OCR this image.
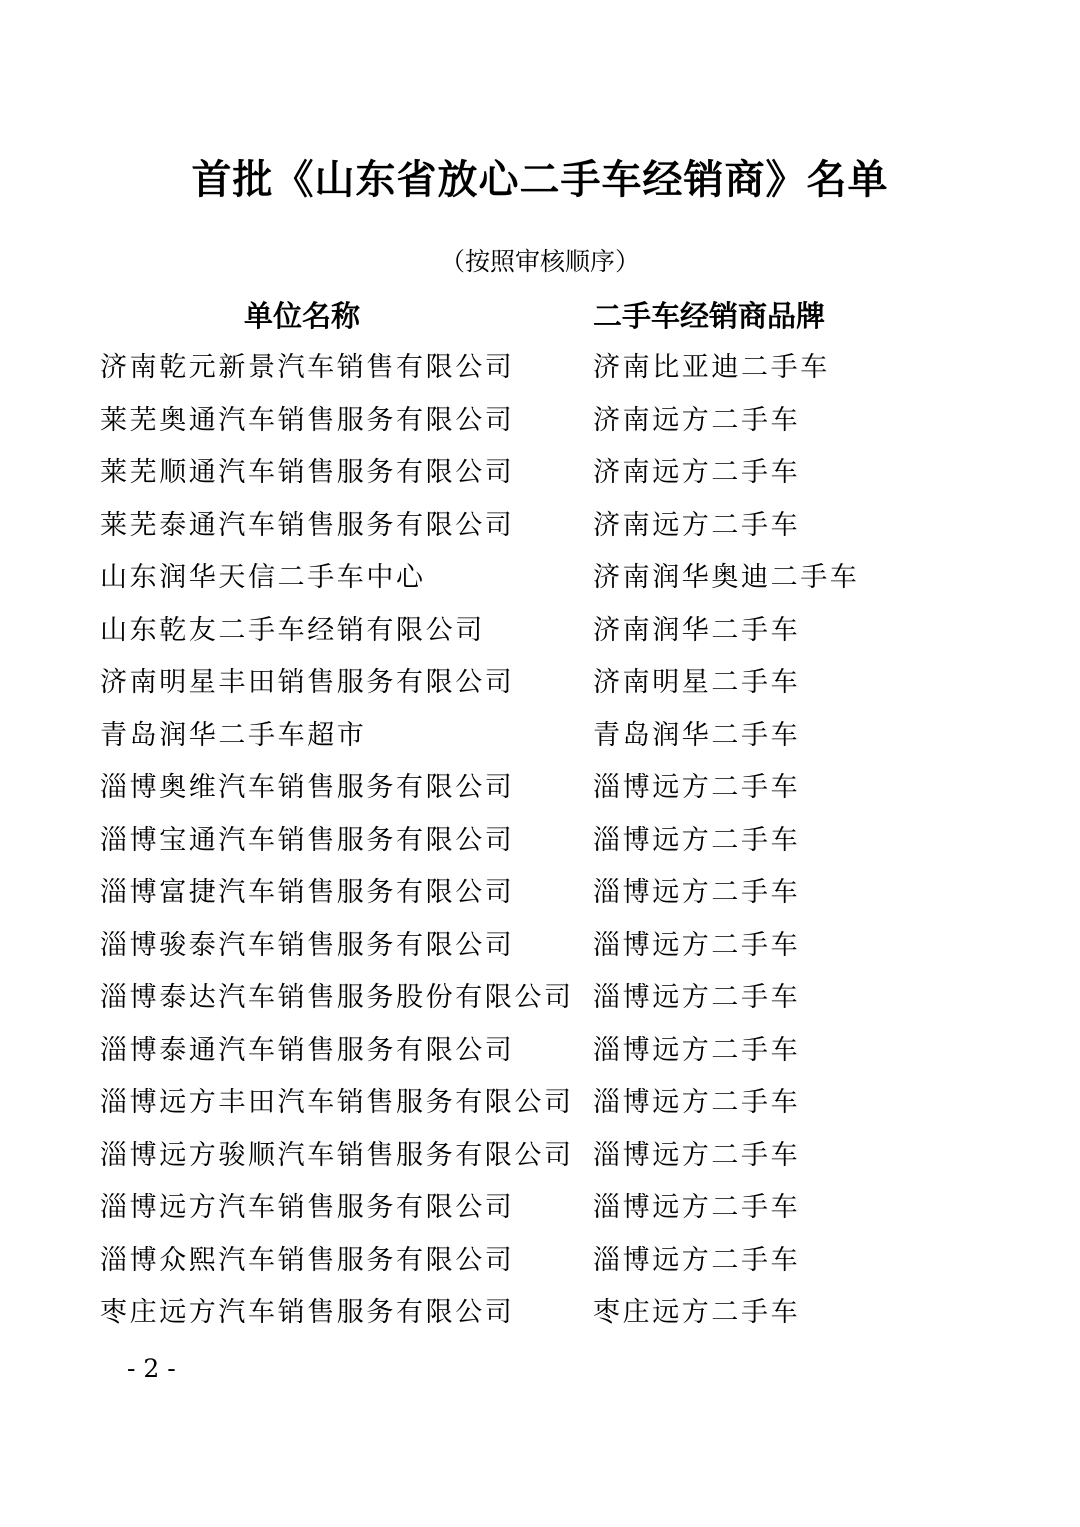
首批《山东省放心二手车经销商》名单
（按照审核顺序）
单位名称	二手车经销商品牌
济南乾元新景汽车销售有限公司	济南比亚迪二手车
莱芜奥通汽车销售服务有限公司	济南远方二手车
莱芜顺通汽车销售服务有限公司	济南远方二手车
莱芜泰通汽车销售服务有限公司	济南远方二手车
山东润华天信二手车中心	济南润华奥迪二手车
山东乾友二手车经销有限公司	济南润华二手车
济南明星丰田销售服务有限公司	济南明星二手车
青岛润华二手车超市	青岛润华二手车
淄博奥维汽车销售服务有限公司	淄博远方二手车
淄博宝通汽车销售服务有限公司	淄博远方二手车
淄博富捷汽车销售服务有限公司	淄博远方二手车
淄博骏泰汽车销售服务有限公司	淄博远方二手车
淄博泰达汽车销售服务股份有限公司 淄博远方二手车
淄博泰通汽车销售服务有限公司	淄博远方二手车
淄博远方丰田汽车销售服务有限公司 淄博远方二手车
淄博远方骏顺汽车销售服务有限公司 淄博远方二手车
淄博远方汽车销售服务有限公司	淄博远方二手车
淄博众熙汽车销售服务有限公司	淄博远方二手车
枣庄远方汽车销售服务有限公司	枣庄远方二手车
- 2 -
